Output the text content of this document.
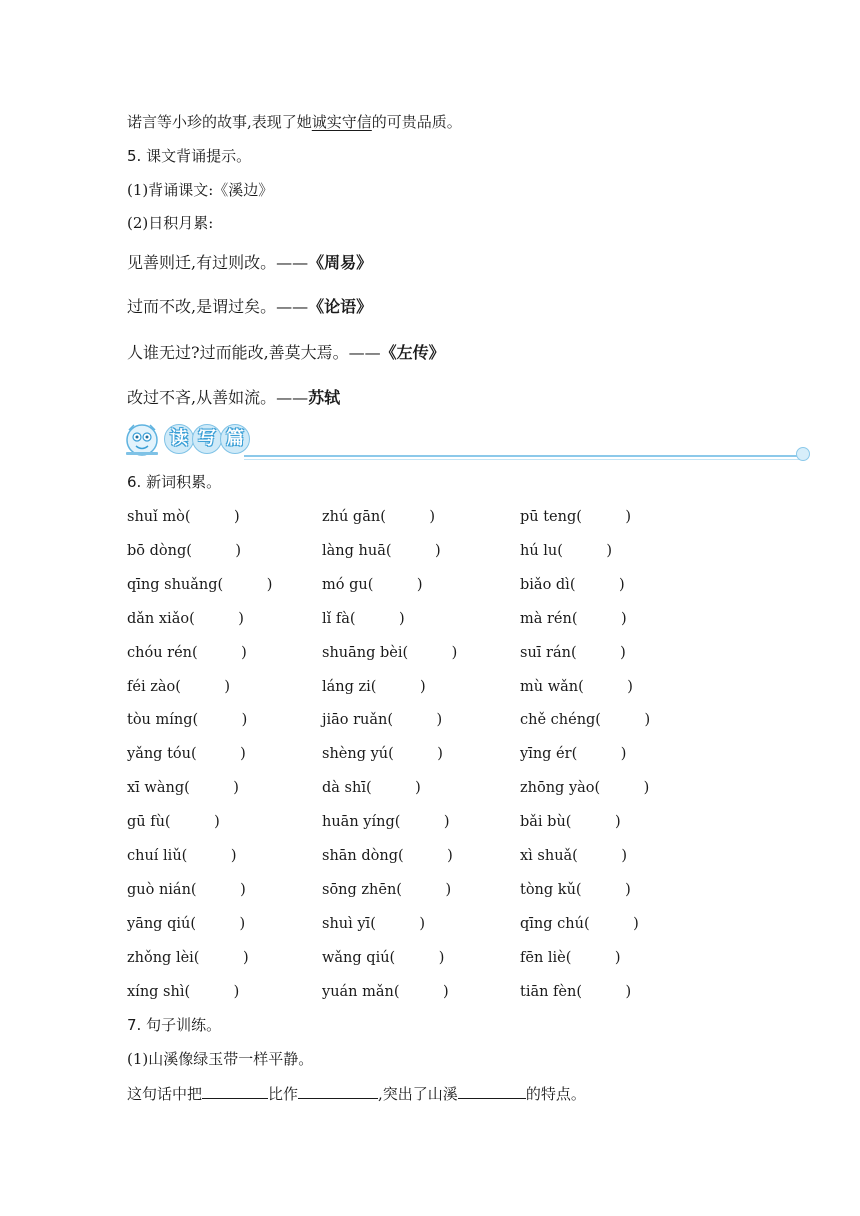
诺言等小珍的故事,表现了她诚实守信的可贵品质。
5. 课文背诵提示。
(1)背诵课文:《溪边》
(2)日积月累:
见善则迁,有过则改。——《周易》
过而不改,是谓过矣。——《论语》
人谁无过?过而能改,善莫大焉。——《左传》
改过不吝,从善如流。——苏轼
读 写 篇
6. 新词积累。
shuǐ mò(　　　)	zhú gān(　　　)	pū teng(　　　)
bō dòng(　　　)	làng huā(　　　)	hú lu(　　　)
qīng shuǎng(　　　)	mó gu(　　　)	biǎo dì(　　　)
dǎn xiǎo(　　　)	lǐ fà(　　　)	mà rén(　　　)
chóu rén(　　　)	shuāng bèi(　　　)	suī rán(　　　)
féi zào(　　　)	láng zi(　　　)	mù wǎn(　　　)
tòu míng(　　　)	jiāo ruǎn(　　　)	chě chéng(　　　)
yǎng tóu(　　　)	shèng yú(　　　)	yīng ér(　　　)
xī wàng(　　　)	dà shī(　　　)	zhōng yào(　　　)
gū fù(　　　)	huān yíng(　　　)	bǎi bù(　　　)
chuí liǔ(　　　)	shān dòng(　　　)	xì shuǎ(　　　)
guò nián(　　　)	sōng zhēn(　　　)	tòng kǔ(　　　)
yāng qiú(　　　)	shuì yī(　　　)	qīng chú(　　　)
zhǒng lèi(　　　)	wǎng qiú(　　　)	fēn liè(　　　)
xíng shì(　　　)	yuán mǎn(　　　)	tiān fèn(　　　)
7. 句子训练。
(1)山溪像绿玉带一样平静。
这句话中把	比作	,突出了山溪	的特点。
